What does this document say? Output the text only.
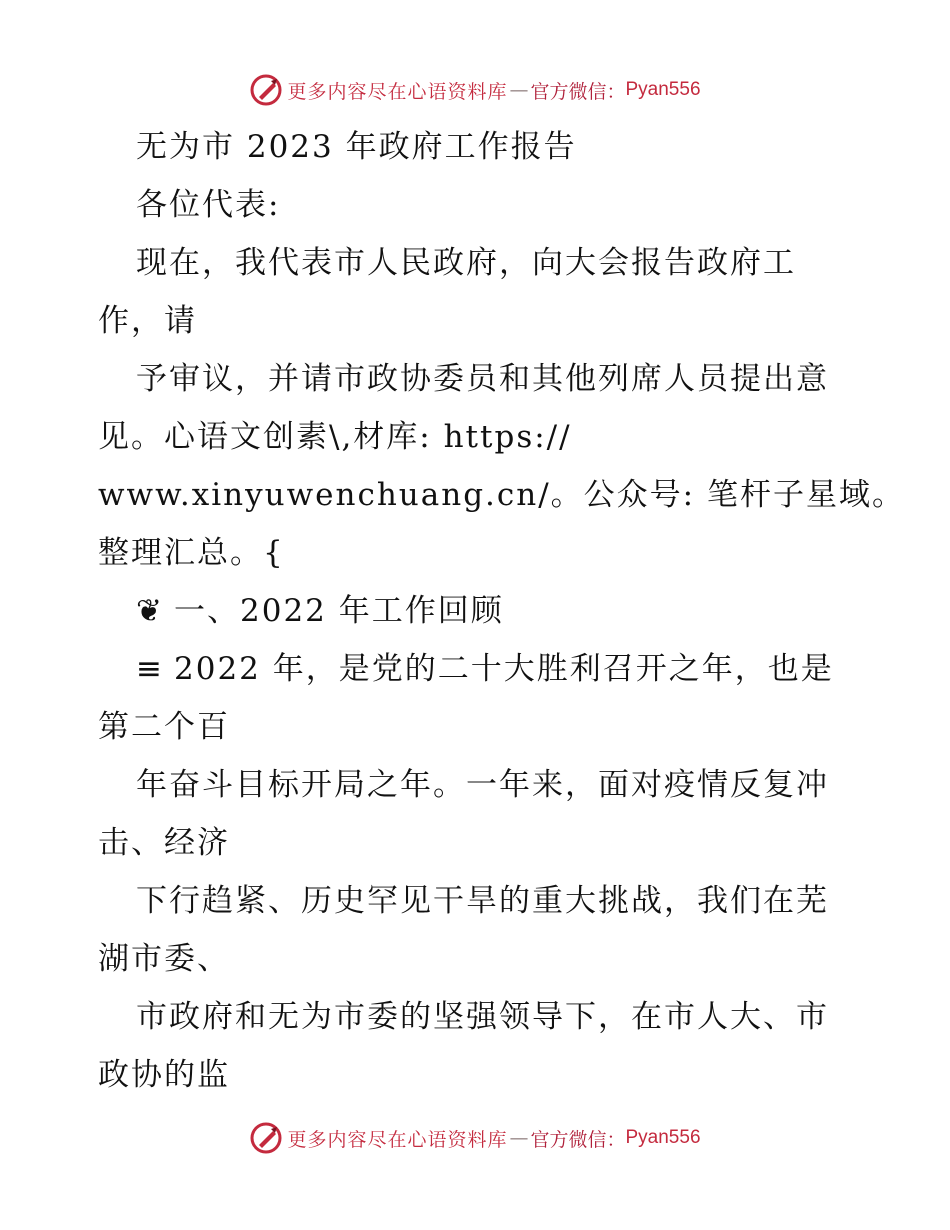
更多内容尽在心语资料库 — 官方微信： Pyan556
无为市 2023 年政府工作报告
各位代表:
现在，我代表市人民政府，向大会报告政府工
作，请
予审议，并请市政协委员和其他列席人员提出意
见。心语文创素\,材库: https://
www.xinyuwenchuang.cn/。公众号: 笔杆子星域。
整理汇总。{
❦ 一、2022 年工作回顾
≡ 2022 年，是党的二十大胜利召开之年，也是
第二个百
年奋斗目标开局之年。一年来，面对疫情反复冲
击、经济
下行趋紧、历史罕见干旱的重大挑战，我们在芜
湖市委、
市政府和无为市委的坚强领导下，在市人大、市
政协的监
更多内容尽在心语资料库 — 官方微信： Pyan556
